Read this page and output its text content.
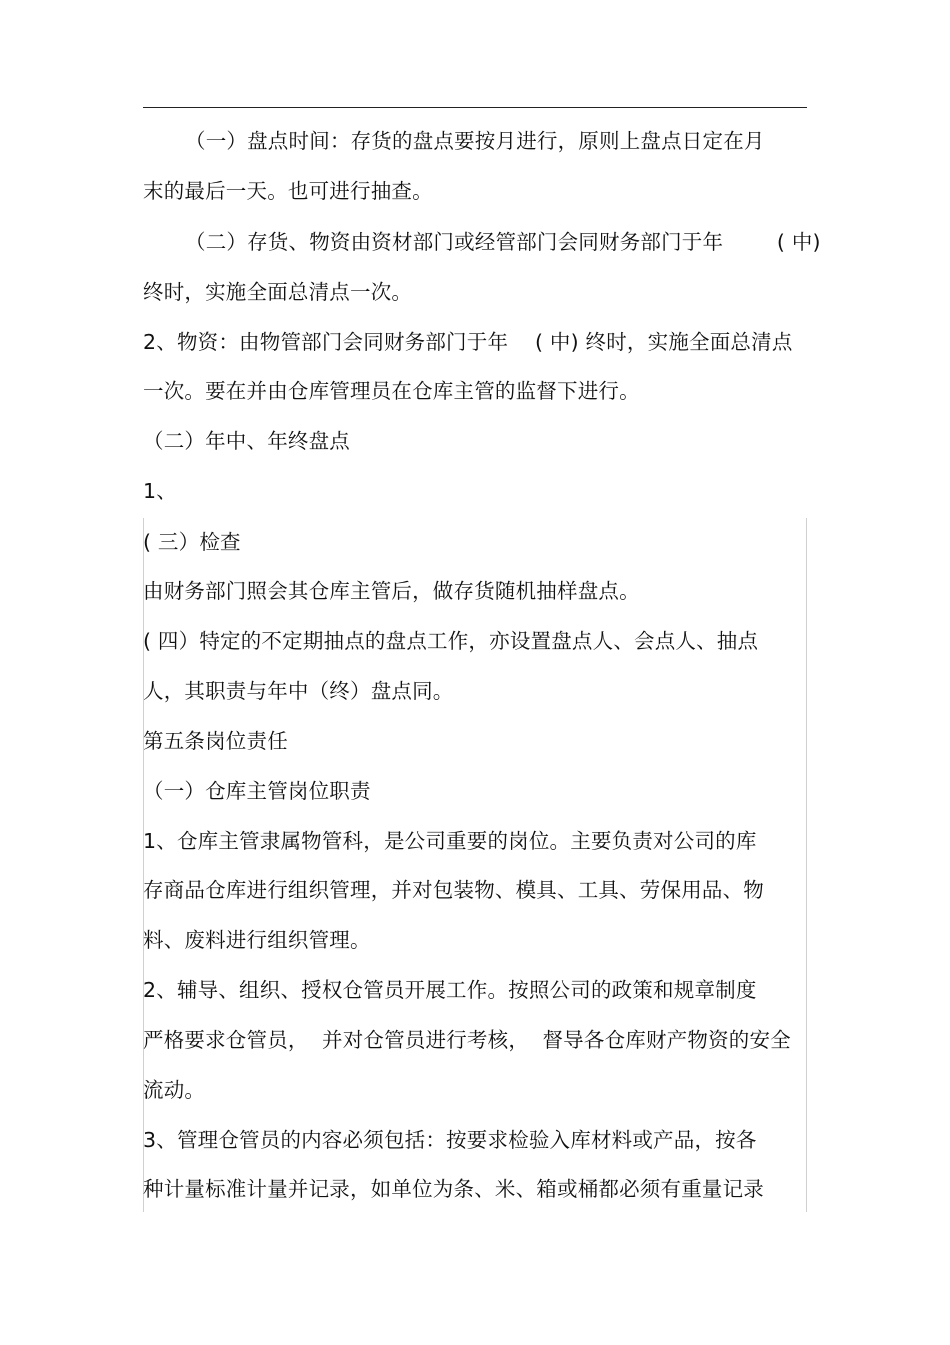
（一）盘点时间：存货的盘点要按月进行，原则上盘点日定在月
末的最后一天。也可进行抽查。
（二）存货、物资由资材部门或经管部门会同财务部门于年        ( 中)
终时，实施全面总清点一次。
2、物资：由物管部门会同财务部门于年    ( 中) 终时，实施全面总清点
一次。要在并由仓库管理员在仓库主管的监督下进行。
（二）年中、年终盘点
1、
( 三）检查
由财务部门照会其仓库主管后，做存货随机抽样盘点。
( 四）特定的不定期抽点的盘点工作，亦设置盘点人、会点人、抽点
人，其职责与年中（终）盘点同。
第五条岗位责任
（一）仓库主管岗位职责
1、仓库主管隶属物管科，是公司重要的岗位。主要负责对公司的库
存商品仓库进行组织管理，并对包装物、模具、工具、劳保用品、物
料、废料进行组织管理。
2、辅导、组织、授权仓管员开展工作。按照公司的政策和规章制度
严格要求仓管员，  并对仓管员进行考核，  督导各仓库财产物资的安全
流动。
3、管理仓管员的内容必须包括：按要求检验入库材料或产品，按各
种计量标准计量并记录，如单位为条、米、箱或桶都必须有重量记录
